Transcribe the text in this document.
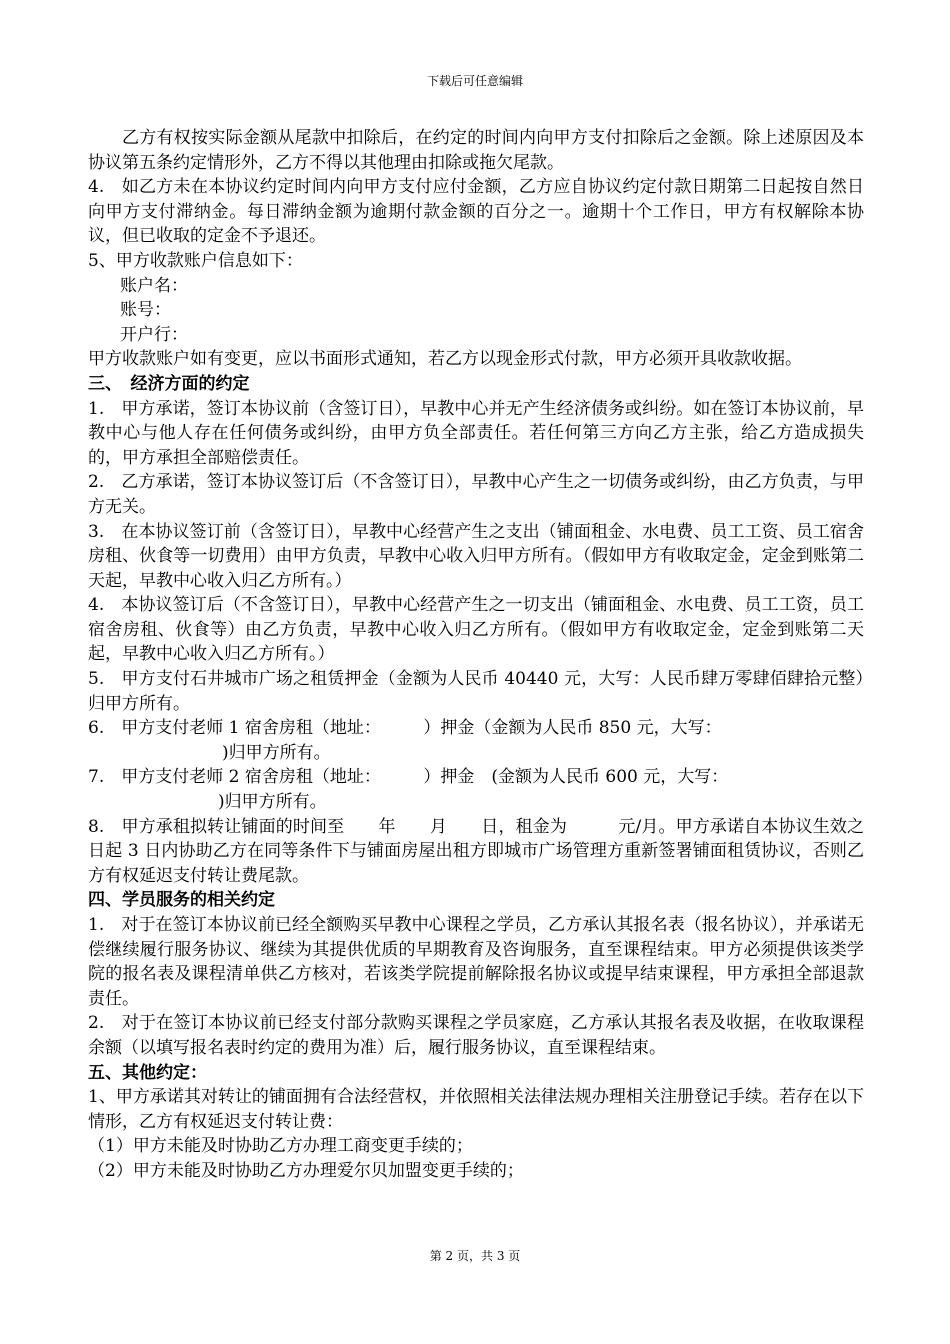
下载后可任意编辑

乙方有权按实际金额从尾款中扣除后，在约定的时间内向甲方支付扣除后之金额。除上述原因及本协议第五条约定情形外，乙方不得以其他理由扣除或拖欠尾款。

4.　如乙方未在本协议约定时间内向甲方支付应付金额，乙方应自协议约定付款日期第二日起按自然日向甲方支付滞纳金。每日滞纳金额为逾期付款金额的百分之一。逾期十个工作日，甲方有权解除本协议，但已收取的定金不予退还。

5、甲方收款账户信息如下：

账户名：

账号：

开户行：

甲方收款账户如有变更，应以书面形式通知，若乙方以现金形式付款，甲方必须开具收款收据。

三、　经济方面的约定

1.　甲方承诺，签订本协议前（含签订日），早教中心并无产生经济债务或纠纷。如在签订本协议前，早教中心与他人存在任何债务或纠纷，由甲方负全部责任。若任何第三方向乙方主张，给乙方造成损失的，甲方承担全部赔偿责任。

2.　乙方承诺，签订本协议签订后（不含签订日），早教中心产生之一切债务或纠纷，由乙方负责，与甲方无关。

3.　在本协议签订前（含签订日），早教中心经营产生之支出（铺面租金、水电费、员工工资、员工宿舍房租、伙食等一切费用）由甲方负责，早教中心收入归甲方所有。（假如甲方有收取定金，定金到账第二天起，早教中心收入归乙方所有。）

4.　本协议签订后（不含签订日），早教中心经营产生之一切支出（铺面租金、水电费、员工工资，员工宿舍房租、伙食等）由乙方负责，早教中心收入归乙方所有。（假如甲方有收取定金，定金到账第二天起，早教中心收入归乙方所有。）

5.　甲方支付石井城市广场之租赁押金（金额为人民币 40440 元，大写：人民币肆万零肆佰肆拾元整）归甲方所有。

6.　甲方支付老师 1 宿舍房租（地址：　　　）押金（金额为人民币 850 元，大写：
)归甲方所有。

7.　甲方支付老师 2 宿舍房租（地址：　　　）押金　(金额为人民币 600 元，大写：
)归甲方所有。

8.　甲方承租拟转让铺面的时间至　　年　　月　　日，租金为　　　元/月。甲方承诺自本协议生效之日起 3 日内协助乙方在同等条件下与铺面房屋出租方即城市广场管理方重新签署铺面租赁协议，否则乙方有权延迟支付转让费尾款。

四、学员服务的相关约定

1.　对于在签订本协议前已经全额购买早教中心课程之学员，乙方承认其报名表（报名协议），并承诺无偿继续履行服务协议、继续为其提供优质的早期教育及咨询服务，直至课程结束。甲方必须提供该类学院的报名表及课程清单供乙方核对，若该类学院提前解除报名协议或提早结束课程，甲方承担全部退款责任。

2.　对于在签订本协议前已经支付部分款购买课程之学员家庭，乙方承认其报名表及收据，在收取课程余额（以填写报名表时约定的费用为准）后，履行服务协议，直至课程结束。

五、其他约定：

1、甲方承诺其对转让的铺面拥有合法经营权，并依照相关法律法规办理相关注册登记手续。若存在以下情形，乙方有权延迟支付转让费：

（1）甲方未能及时协助乙方办理工商变更手续的；

（2）甲方未能及时协助乙方办理爱尔贝加盟变更手续的；

第 2 页，共 3 页
